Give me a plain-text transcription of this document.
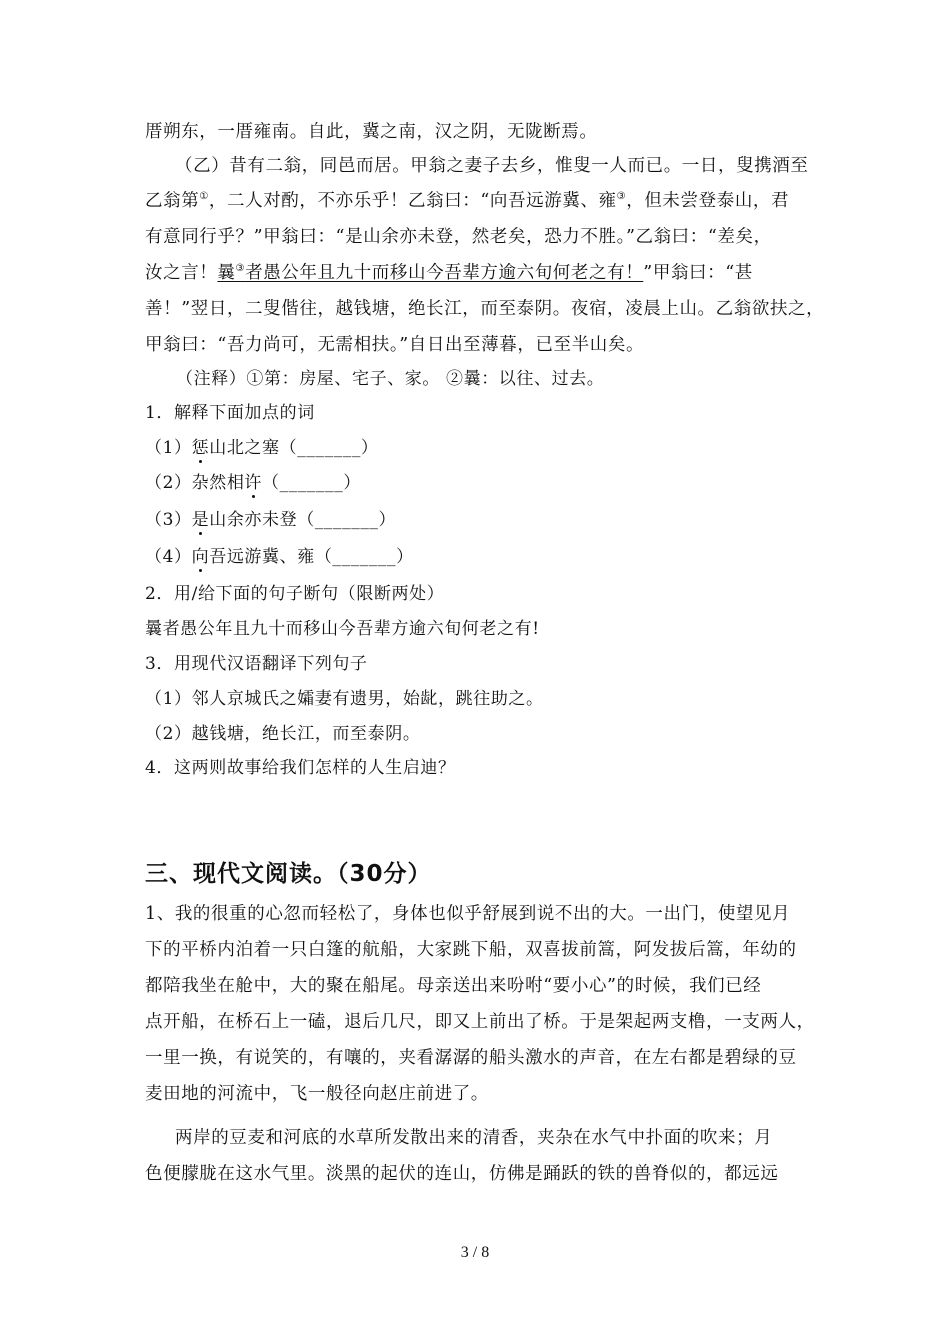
厝朔东，一厝雍南。自此，冀之南，汉之阴，无陇断焉。
（乙）昔有二翁，同邑而居。甲翁之妻子去乡，惟叟一人而已。一日，叟携酒至
乙翁第①，二人对酌，不亦乐乎！乙翁曰：“向吾远游冀、雍③，但未尝登泰山，君
有意同行乎？”甲翁曰：“是山余亦未登，然老矣，恐力不胜。”乙翁曰：“差矣，
汝之言！曩③者愚公年且九十而移山今吾辈方逾六旬何老之有！”甲翁曰：“甚
善！”翌日，二叟偕往，越钱塘，绝长江，而至泰阴。夜宿，凌晨上山。乙翁欲扶之，
甲翁曰：“吾力尚可，无需相扶。”自日出至薄暮，已至半山矣。
（注释）①第：房屋、宅子、家。 ②曩：以往、过去。
1．解释下面加点的词
（1）惩山北之塞（_______）
（2）杂然相许（_______）
（3）是山余亦未登（_______）
（4）向吾远游冀、雍（_______）
2．用/给下面的句子断句（限断两处）
曩者愚公年且九十而移山今吾辈方逾六旬何老之有!
3．用现代汉语翻译下列句子
（1）邻人京城氏之孀妻有遗男，始龀，跳往助之。
（2）越钱塘，绝长江，而至泰阴。
4．这两则故事给我们怎样的人生启迪？
三、现代文阅读。（30分）
1、我的很重的心忽而轻松了，身体也似乎舒展到说不出的大。一出门，使望见月
下的平桥内泊着一只白篷的航船，大家跳下船，双喜拔前篙，阿发拔后篙，年幼的
都陪我坐在舱中，大的聚在船尾。母亲送出来吩咐“要小心”的时候，我们已经
点开船，在桥石上一磕，退后几尺，即又上前出了桥。于是架起两支橹，一支两人，
一里一换，有说笑的，有嚷的，夹看潺潺的船头激水的声音，在左右都是碧绿的豆
麦田地的河流中，飞一般径向赵庄前进了。
两岸的豆麦和河底的水草所发散出来的清香，夹杂在水气中扑面的吹来；月
色便朦胧在这水气里。淡黑的起伏的连山，仿佛是踊跃的铁的兽脊似的，都远远
3 / 8
